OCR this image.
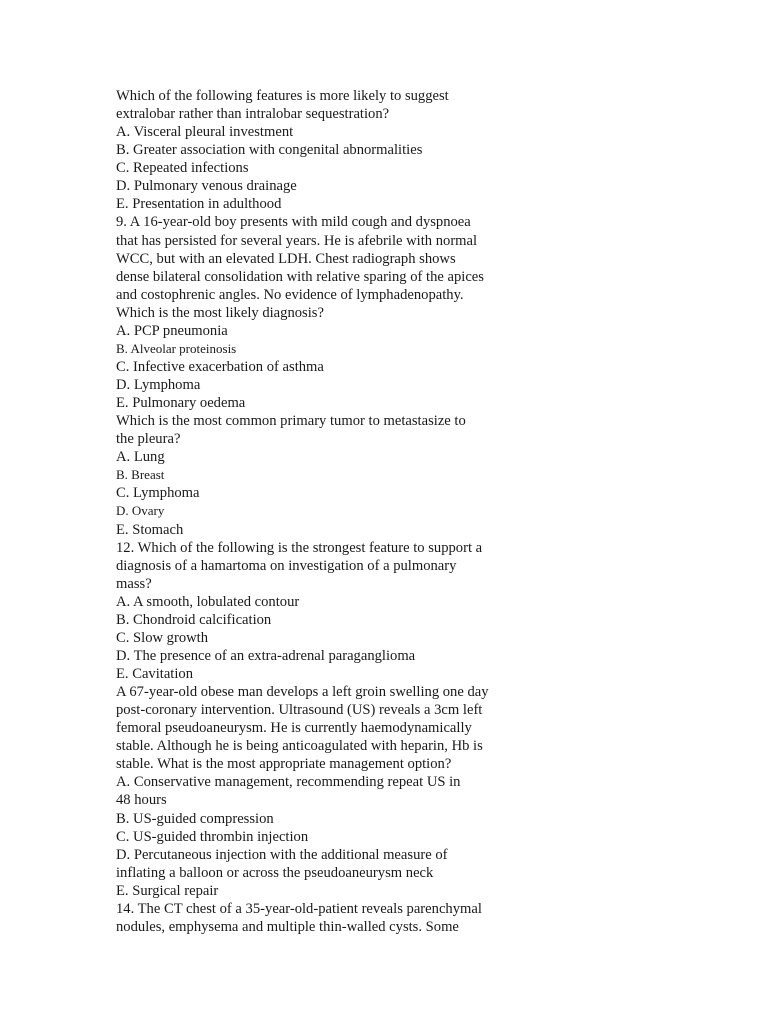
Which of the following features is more likely to suggest
extralobar rather than intralobar sequestration?
A. Visceral pleural investment
B. Greater association with congenital abnormalities
C. Repeated infections
D. Pulmonary venous drainage
E. Presentation in adulthood
9. A 16-year-old boy presents with mild cough and dyspnoea
that has persisted for several years. He is afebrile with normal
WCC, but with an elevated LDH. Chest radiograph shows
dense bilateral consolidation with relative sparing of the apices
and costophrenic angles. No evidence of lymphadenopathy.
Which is the most likely diagnosis?
A. PCP pneumonia
B. Alveolar proteinosis
C. Infective exacerbation of asthma
D. Lymphoma
E. Pulmonary oedema
Which is the most common primary tumor to metastasize to
the pleura?
A. Lung
B. Breast
C. Lymphoma
D. Ovary
E. Stomach
12. Which of the following is the strongest feature to support a
diagnosis of a hamartoma on investigation of a pulmonary
mass?
A. A smooth, lobulated contour
B. Chondroid calcification
C. Slow growth
D. The presence of an extra-adrenal paraganglioma
E. Cavitation
A 67-year-old obese man develops a left groin swelling one day
post-coronary intervention. Ultrasound (US) reveals a 3cm left
femoral pseudoaneurysm. He is currently haemodynamically
stable. Although he is being anticoagulated with heparin, Hb is
stable. What is the most appropriate management option?
A. Conservative management, recommending repeat US in
48 hours
B. US-guided compression
C. US-guided thrombin injection
D. Percutaneous injection with the additional measure of
inflating a balloon or across the pseudoaneurysm neck
E. Surgical repair
14. The CT chest of a 35-year-old-patient reveals parenchymal
nodules, emphysema and multiple thin-walled cysts. Some
